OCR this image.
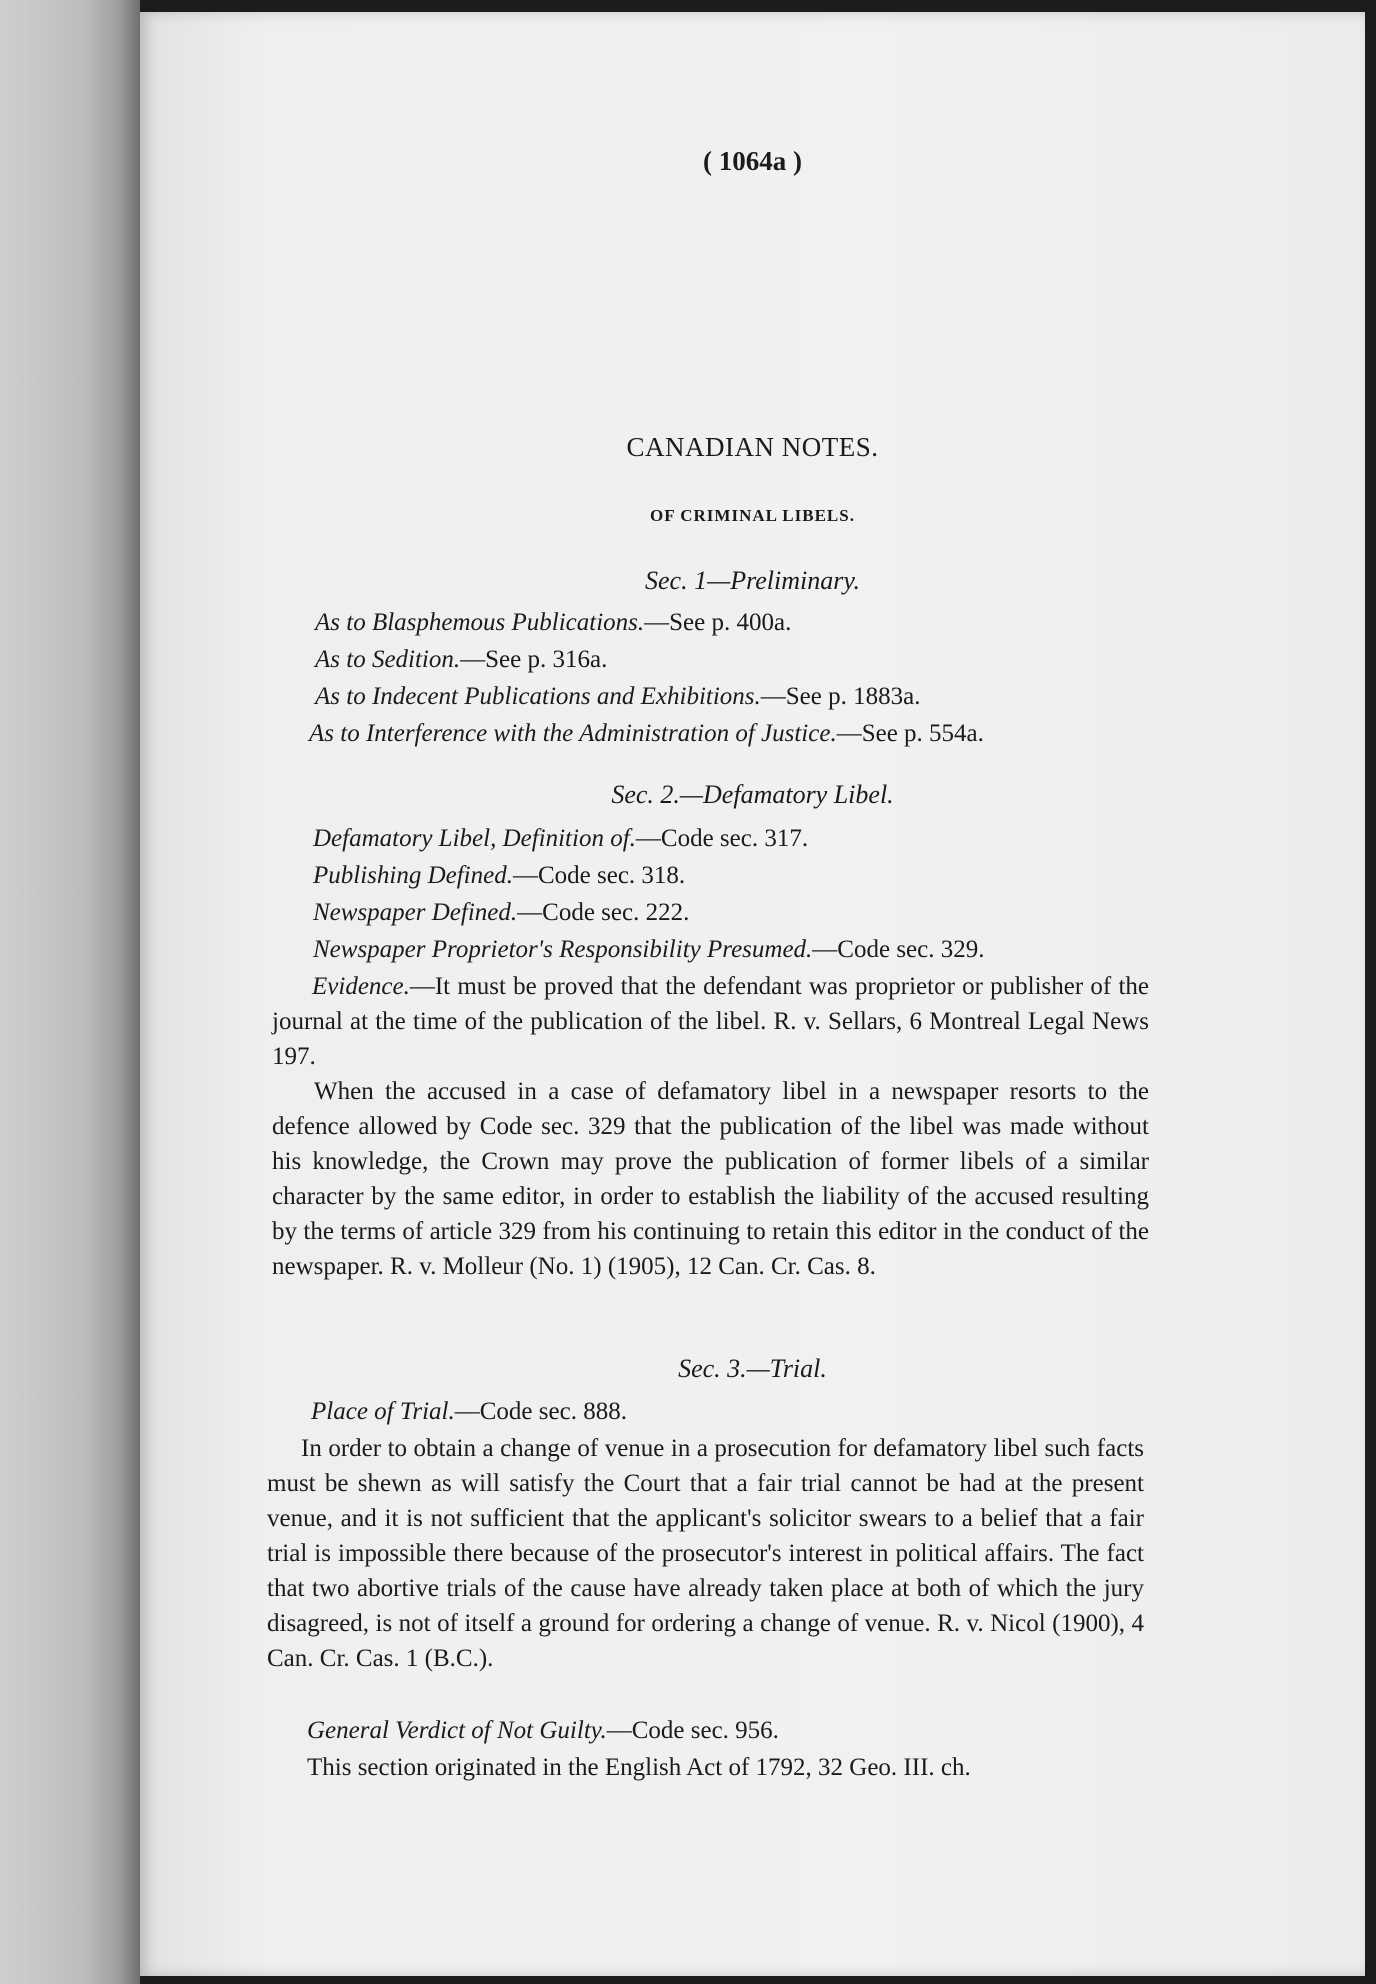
( 1064a )
CANADIAN NOTES.
OF CRIMINAL LIBELS.
Sec. 1—Preliminary.
As to Blasphemous Publications.—See p. 400a.
As to Sedition.—See p. 316a.
As to Indecent Publications and Exhibitions.—See p. 1883a.
As to Interference with the Administration of Justice.—See p. 554a.
Sec. 2.—Defamatory Libel.
Defamatory Libel, Definition of.—Code sec. 317.
Publishing Defined.—Code sec. 318.
Newspaper Defined.—Code sec. 222.
Newspaper Proprietor's Responsibility Presumed.—Code sec. 329.
Evidence.—It must be proved that the defendant was proprietor or publisher of the journal at the time of the publication of the libel. R. v. Sellars, 6 Montreal Legal News 197.
When the accused in a case of defamatory libel in a newspaper resorts to the defence allowed by Code sec. 329 that the publication of the libel was made without his knowledge, the Crown may prove the publication of former libels of a similar character by the same editor, in order to establish the liability of the accused resulting by the terms of article 329 from his continuing to retain this editor in the conduct of the newspaper. R. v. Molleur (No. 1) (1905), 12 Can. Cr. Cas. 8.
Sec. 3.—Trial.
Place of Trial.—Code sec. 888.
In order to obtain a change of venue in a prosecution for defamatory libel such facts must be shewn as will satisfy the Court that a fair trial cannot be had at the present venue, and it is not sufficient that the applicant's solicitor swears to a belief that a fair trial is impossible there because of the prosecutor's interest in political affairs. The fact that two abortive trials of the cause have already taken place at both of which the jury disagreed, is not of itself a ground for ordering a change of venue. R. v. Nicol (1900), 4 Can. Cr. Cas. 1 (B.C.).
General Verdict of Not Guilty.—Code sec. 956.
This section originated in the English Act of 1792, 32 Geo. III. ch.
